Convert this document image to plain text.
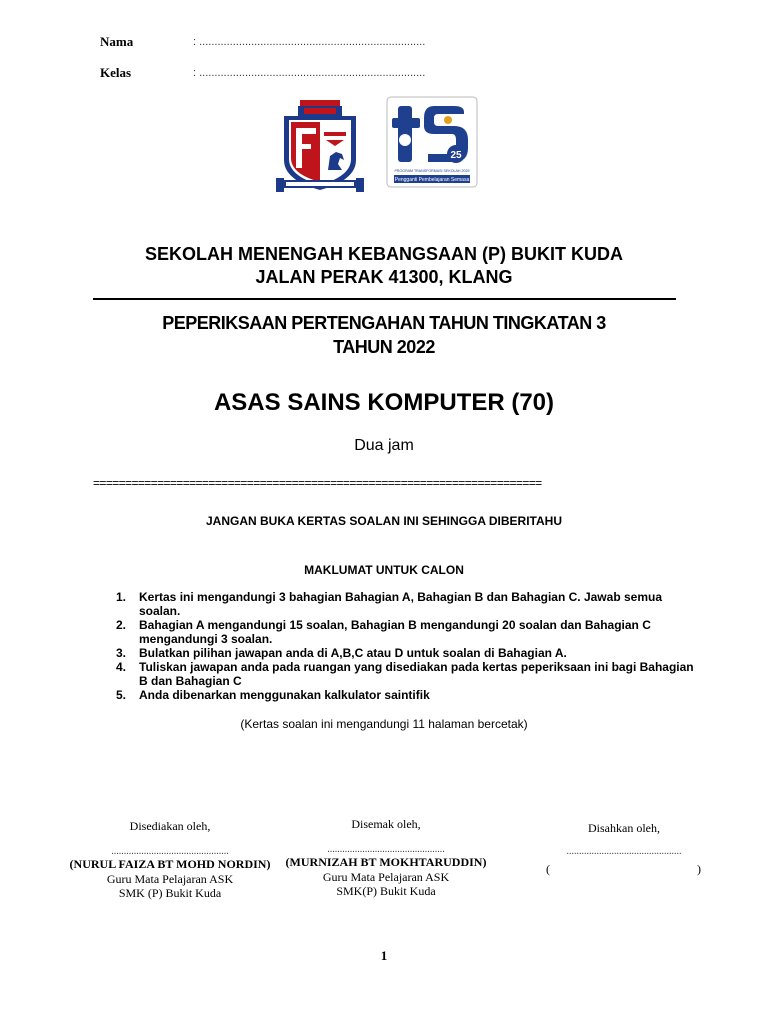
Nama	: ..........................................................................
Kelas	: ..........................................................................
25
PROGRAM TRANSFORMASI SEKOLAH 2025
Pengganti Pembelajaran Semasa
SEKOLAH MENENGAH KEBANGSAAN (P) BUKIT KUDA
JALAN PERAK 41300, KLANG
PEPERIKSAAN PERTENGAHAN TAHUN TINGKATAN 3
TAHUN 2022
ASAS SAINS KOMPUTER (70)
Dua jam
======================================================================
JANGAN BUKA KERTAS SOALAN INI SEHINGGA DIBERITAHU
MAKLUMAT UNTUK CALON
1. Kertas ini mengandungi 3 bahagian Bahagian A, Bahagian B dan Bahagian C. Jawab semua soalan.
2. Bahagian A mengandungi 15 soalan, Bahagian B mengandungi 20 soalan dan Bahagian C mengandungi 3 soalan.
3. Bulatkan pilihan jawapan anda di A,B,C atau D untuk soalan di Bahagian A.
4. Tuliskan jawapan anda pada ruangan yang disediakan pada kertas peperiksaan ini bagi Bahagian B dan Bahagian C
5. Anda dibenarkan menggunakan kalkulator saintifik
(Kertas soalan ini mengandungi 11 halaman bercetak)
Disediakan oleh,
...............................................
(NURUL FAIZA BT MOHD NORDIN)
Guru Mata Pelajaran ASK
SMK (P) Bukit Kuda
Disemak oleh,
...............................................
(MURNIZAH BT MOKHTARUDDIN)
Guru Mata Pelajaran ASK
SMK(P) Bukit Kuda
Disahkan oleh,
..............................................
(	)
1
